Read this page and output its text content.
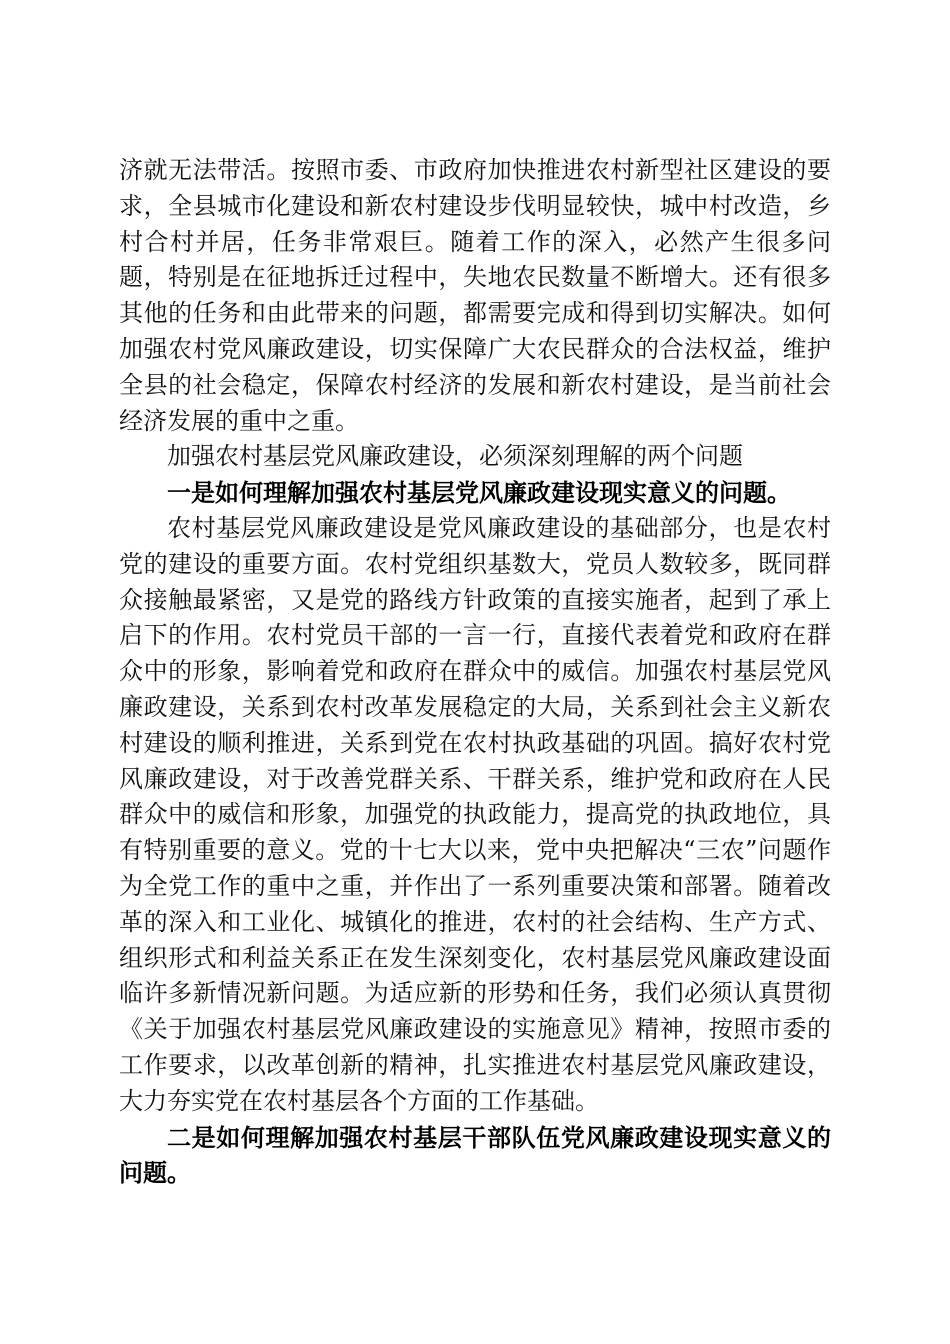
济就无法带活。按照市委、市政府加快推进农村新型社区建设的要求，全县城市化建设和新农村建设步伐明显较快，城中村改造，乡村合村并居，任务非常艰巨。随着工作的深入，必然产生很多问题，特别是在征地拆迁过程中，失地农民数量不断增大。还有很多其他的任务和由此带来的问题，都需要完成和得到切实解决。如何加强农村党风廉政建设，切实保障广大农民群众的合法权益，维护全县的社会稳定，保障农村经济的发展和新农村建设，是当前社会经济发展的重中之重。

加强农村基层党风廉政建设，必须深刻理解的两个问题

一是如何理解加强农村基层党风廉政建设现实意义的问题。

农村基层党风廉政建设是党风廉政建设的基础部分，也是农村党的建设的重要方面。农村党组织基数大，党员人数较多，既同群众接触最紧密，又是党的路线方针政策的直接实施者，起到了承上启下的作用。农村党员干部的一言一行，直接代表着党和政府在群众中的形象，影响着党和政府在群众中的威信。加强农村基层党风廉政建设，关系到农村改革发展稳定的大局，关系到社会主义新农村建设的顺利推进，关系到党在农村执政基础的巩固。搞好农村党风廉政建设，对于改善党群关系、干群关系，维护党和政府在人民群众中的威信和形象，加强党的执政能力，提高党的执政地位，具有特别重要的意义。党的十七大以来，党中央把解决“三农”问题作为全党工作的重中之重，并作出了一系列重要决策和部署。随着改革的深入和工业化、城镇化的推进，农村的社会结构、生产方式、组织形式和利益关系正在发生深刻变化，农村基层党风廉政建设面临许多新情况新问题。为适应新的形势和任务，我们必须认真贯彻《关于加强农村基层党风廉政建设的实施意见》精神，按照市委的工作要求，以改革创新的精神，扎实推进农村基层党风廉政建设，大力夯实党在农村基层各个方面的工作基础。

二是如何理解加强农村基层干部队伍党风廉政建设现实意义的问题。
